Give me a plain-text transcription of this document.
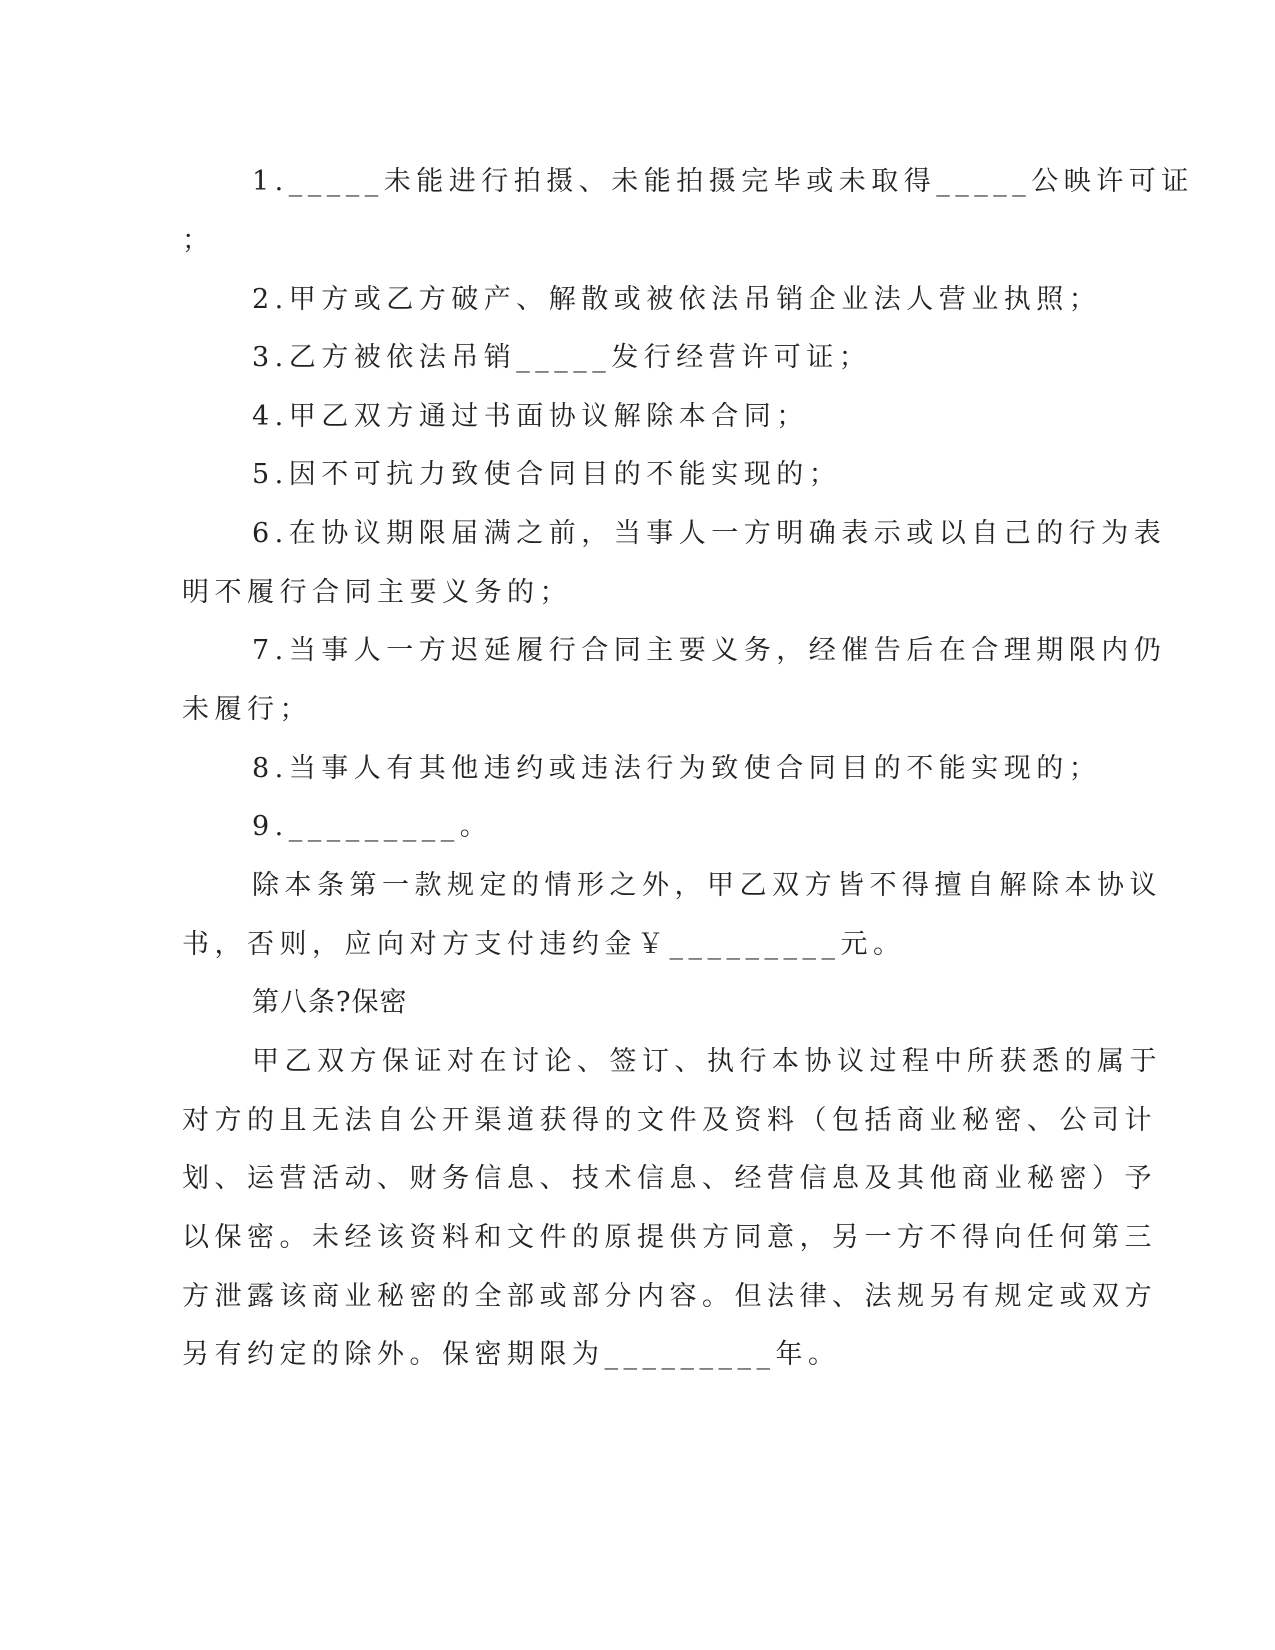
1._____未能进行拍摄、未能拍摄完毕或未取得_____公映许可证
；
2.甲方或乙方破产、解散或被依法吊销企业法人营业执照；
3.乙方被依法吊销_____发行经营许可证；
4.甲乙双方通过书面协议解除本合同；
5.因不可抗力致使合同目的不能实现的；
6.在协议期限届满之前，当事人一方明确表示或以自己的行为表
明不履行合同主要义务的；
7.当事人一方迟延履行合同主要义务，经催告后在合理期限内仍
未履行；
8.当事人有其他违约或违法行为致使合同目的不能实现的；
9._________。
除本条第一款规定的情形之外，甲乙双方皆不得擅自解除本协议
书，否则，应向对方支付违约金￥_________元。
第八条?保密
甲乙双方保证对在讨论、签订、执行本协议过程中所获悉的属于
对方的且无法自公开渠道获得的文件及资料（包括商业秘密、公司计
划、运营活动、财务信息、技术信息、经营信息及其他商业秘密）予
以保密。未经该资料和文件的原提供方同意，另一方不得向任何第三
方泄露该商业秘密的全部或部分内容。但法律、法规另有规定或双方
另有约定的除外。保密期限为_________年。
